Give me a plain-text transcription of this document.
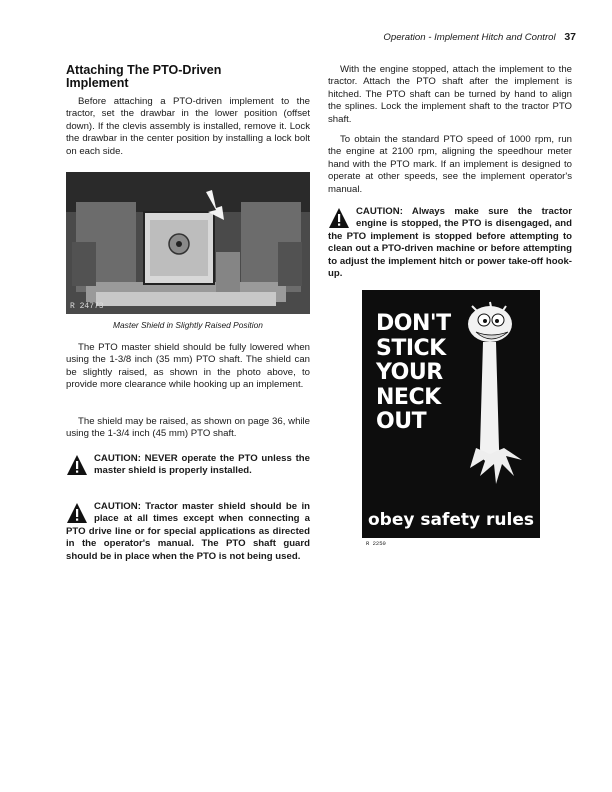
Operation - Implement Hitch and Control 37
Attaching The PTO-Driven
Implement

Before attaching a PTO-driven implement to the tractor, set the drawbar in the lower position (offset down). If the clevis assembly is installed, remove it. Lock the drawbar in the center position by installing a lock bolt on each side.

R 24773
Master Shield in Slightly Raised Position

The PTO master shield should be fully lowered when using the 1-3/8 inch (35 mm) PTO shaft. The shield can be slightly raised, as shown in the photo above, to provide more clearance while hooking up an implement.

The shield may be raised, as shown on page 36, while using the 1-3/4 inch (45 mm) PTO shaft.

CAUTION: NEVER operate the PTO unless the master shield is properly installed.
CAUTION: Tractor master shield should be in place at all times except when connecting a PTO drive line or for special applications as directed in the operator's manual. The PTO shaft guard should be in place when the PTO is not being used.

With the engine stopped, attach the implement to the tractor. Attach the PTO shaft after the implement is hitched. The PTO shaft can be turned by hand to align the splines. Lock the implement shaft to the tractor PTO shaft.

To obtain the standard PTO speed of 1000 rpm, run the engine at 2100 rpm, aligning the speedhour meter hand with the PTO mark. If an implement is designed to operate at other speeds, see the implement operator's manual.

CAUTION: Always make sure the tractor engine is stopped, the PTO is disengaged, and the PTO implement is stopped before attempting to clean out a PTO-driven machine or before attempting to adjust the implement hitch or power take-off hook-up.
DON'T
STICK
YOUR
NECK
OUT
obey safety rules
R 2250
